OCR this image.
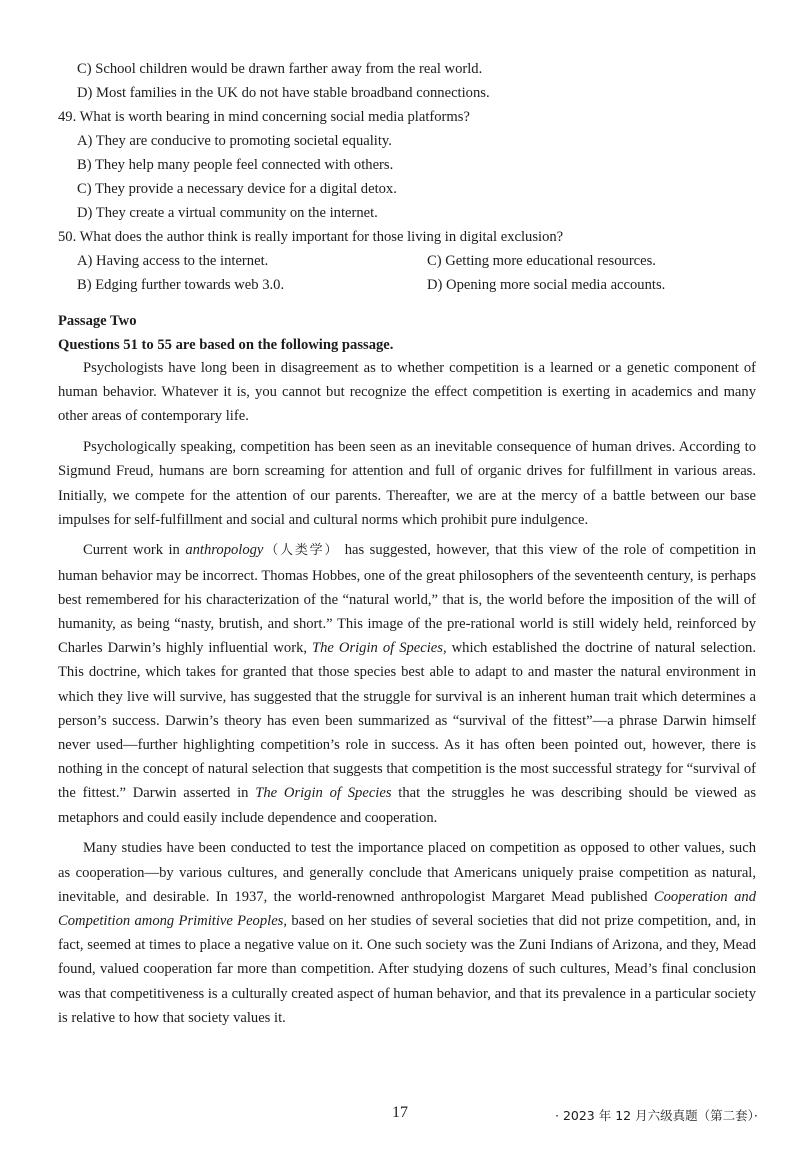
C) School children would be drawn farther away from the real world.
D) Most families in the UK do not have stable broadband connections.
49. What is worth bearing in mind concerning social media platforms?
A) They are conducive to promoting societal equality.
B) They help many people feel connected with others.
C) They provide a necessary device for a digital detox.
D) They create a virtual community on the internet.
50. What does the author think is really important for those living in digital exclusion?
A) Having access to the internet.	C) Getting more educational resources.
B) Edging further towards web 3.0.	D) Opening more social media accounts.
Passage Two
Questions 51 to 55 are based on the following passage.

Psychologists have long been in disagreement as to whether competition is a learned or a genetic component of human behavior. Whatever it is, you cannot but recognize the effect competition is exerting in academics and many other areas of contemporary life.

Psychologically speaking, competition has been seen as an inevitable consequence of human drives. According to Sigmund Freud, humans are born screaming for attention and full of organic drives for fulfillment in various areas. Initially, we compete for the attention of our parents. Thereafter, we are at the mercy of a battle between our base impulses for self-fulfillment and social and cultural norms which prohibit pure indulgence.

Current work in anthropology（人类学） has suggested, however, that this view of the role of competition in human behavior may be incorrect. Thomas Hobbes, one of the great philosophers of the seventeenth century, is perhaps best remembered for his characterization of the “natural world,” that is, the world before the imposition of the will of humanity, as being “nasty, brutish, and short.” This image of the pre-rational world is still widely held, reinforced by Charles Darwin’s highly influential work, The Origin of Species, which established the doctrine of natural selection. This doctrine, which takes for granted that those species best able to adapt to and master the natural environment in which they live will survive, has suggested that the struggle for survival is an inherent human trait which determines a person’s success. Darwin’s theory has even been summarized as “survival of the fittest”—a phrase Darwin himself never used—further highlighting competition’s role in success. As it has often been pointed out, however, there is nothing in the concept of natural selection that suggests that competition is the most successful strategy for “survival of the fittest.” Darwin asserted in The Origin of Species that the struggles he was describing should be viewed as metaphors and could easily include dependence and cooperation.

Many studies have been conducted to test the importance placed on competition as opposed to other values, such as cooperation—by various cultures, and generally conclude that Americans uniquely praise competition as natural, inevitable, and desirable. In 1937, the world-renowned anthropologist Margaret Mead published Cooperation and Competition among Primitive Peoples, based on her studies of several societies that did not prize competition, and, in fact, seemed at times to place a negative value on it. One such society was the Zuni Indians of Arizona, and they, Mead found, valued cooperation far more than competition. After studying dozens of such cultures, Mead’s final conclusion was that competitiveness is a culturally created aspect of human behavior, and that its prevalence in a particular society is relative to how that society values it.

17	· 2023 年 12 月六级真题（第二套）·
